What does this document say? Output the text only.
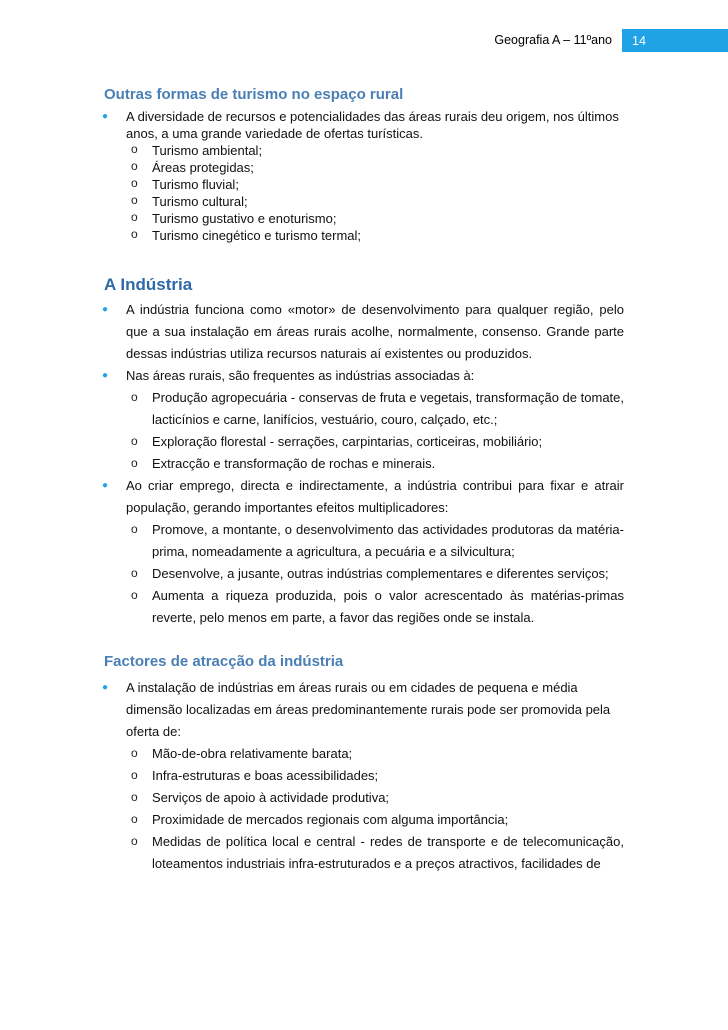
Geografia A – 11ºano	14
Outras formas de turismo no espaço rural
● A diversidade de recursos e potencialidades das áreas rurais deu origem, nos últimos anos, a uma grande variedade de ofertas turísticas.
o Turismo ambiental;
o Áreas protegidas;
o Turismo fluvial;
o Turismo cultural;
o Turismo gustativo e enoturismo;
o Turismo cinegético e turismo termal;
A Indústria
● A indústria funciona como «motor» de desenvolvimento para qualquer região, pelo que a sua instalação em áreas rurais acolhe, normalmente, consenso. Grande parte dessas indústrias utiliza recursos naturais aí existentes ou produzidos.
● Nas áreas rurais, são frequentes as indústrias associadas à:
o Produção agropecuária - conservas de fruta e vegetais, transformação de tomate, lacticínios e carne, lanifícios, vestuário, couro, calçado, etc.;
o Exploração florestal - serrações, carpintarias, corticeiras, mobiliário;
o Extracção e transformação de rochas e minerais.
● Ao criar emprego, directa e indirectamente, a indústria contribui para fixar e atrair população, gerando importantes efeitos multiplicadores:
o Promove, a montante, o desenvolvimento das actividades produtoras da matéria-prima, nomeadamente a agricultura, a pecuária e a silvicultura;
o Desenvolve, a jusante, outras indústrias complementares e diferentes serviços;
o Aumenta a riqueza produzida, pois o valor acrescentado às matérias-primas reverte, pelo menos em parte, a favor das regiões onde se instala.
Factores de atracção da indústria
● A instalação de indústrias em áreas rurais ou em cidades de pequena e média dimensão localizadas em áreas predominantemente rurais pode ser promovida pela oferta de:
o Mão-de-obra relativamente barata;
o Infra-estruturas e boas acessibilidades;
o Serviços de apoio à actividade produtiva;
o Proximidade de mercados regionais com alguma importância;
o Medidas de política local e central - redes de transporte e de telecomunicação, loteamentos industriais infra-estruturados e a preços atractivos, facilidades de
